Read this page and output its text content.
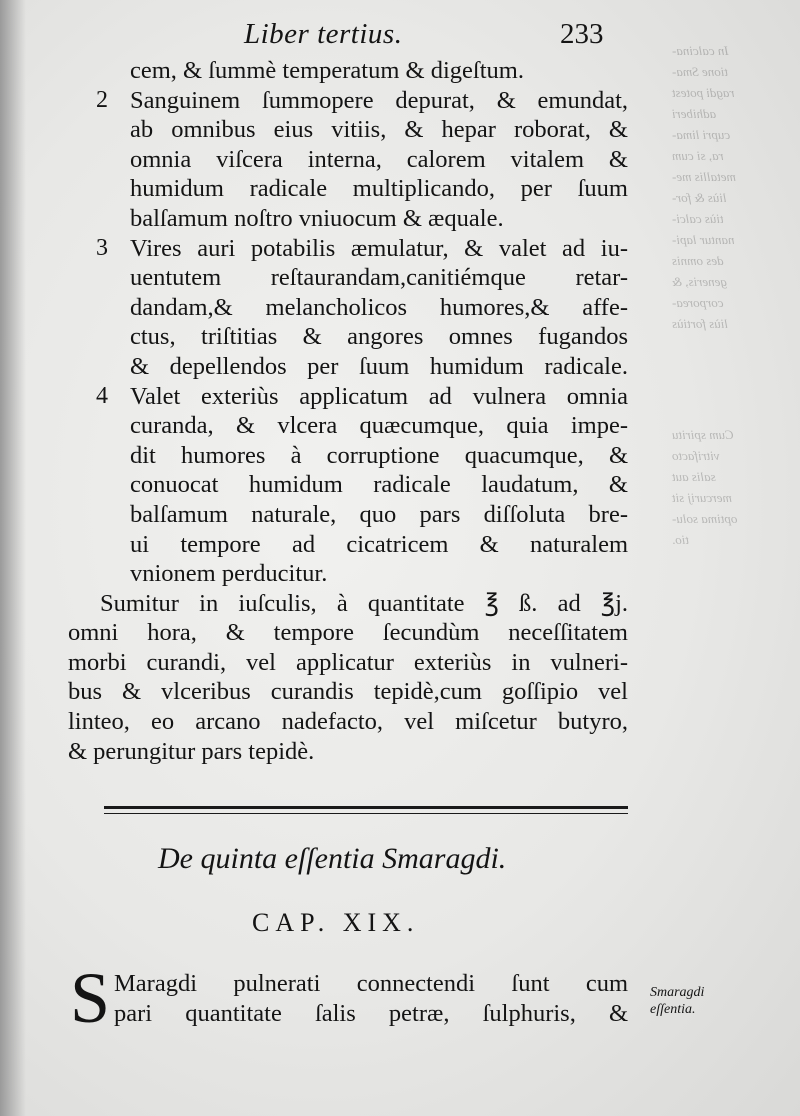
In calcina-
tione Sma-
ragdi potest
adhiberi
cupri lima-
ra, si cum
metallis me-
liùs & for-
tiùs calci-
nantur lapi-
des omnis
generis, &
corporea-
liùs fortiùs
Cum spiritu
vitrifacto
salis aut
mercurij sit
optima solu-
tio.
Liber tertius.	233
cem, & ſummè temperatum & digeſtum.
2 Sanguinem ſummopere depurat, & emundat,
ab omnibus eius vitiis, & hepar roborat, &
omnia viſcera interna, calorem vitalem &
humidum radicale multiplicando, per ſuum
balſamum noſtro vniuocum & æquale.
3 Vires auri potabilis æmulatur, & valet ad iu-
uentutem reſtaurandam,canitiémque retar-
dandam,& melancholicos humores,& affe-
ctus, triſtitias & angores omnes fugandos
& depellendos per ſuum humidum radicale.
4 Valet exteriùs applicatum ad vulnera omnia
curanda, & vlcera quæcumque, quia impe-
dit humores à corruptione quacumque, &
conuocat humidum radicale laudatum, &
balſamum naturale, quo pars diſſoluta bre-
ui tempore ad cicatricem & naturalem
vnionem perducitur.
Sumitur in iuſculis, à quantitate ℥ ß. ad ℥j.
omni hora, & tempore ſecundùm neceſſitatem
morbi curandi, vel applicatur exteriùs in vulneri-
bus & vlceribus curandis tepidè,cum goſſipio vel
linteo, eo arcano nadefacto, vel miſcetur butyro,
& perungitur pars tepidè.
De quinta eſſentia Smaragdi.
CAP. XIX.
S Maragdi pulnerati connectendi ſunt cum
pari quantitate ſalis petræ, ſulphuris, &
Smaragdi
eſſentia.
